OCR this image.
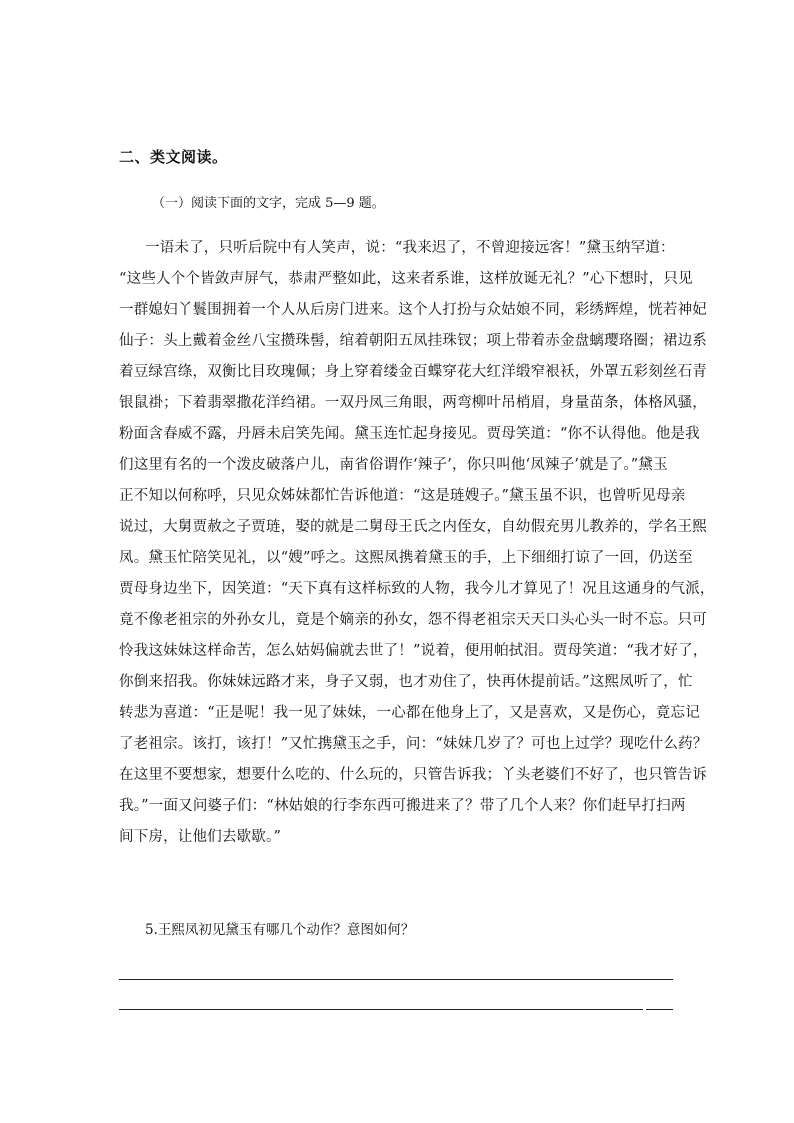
二、类文阅读。
（一）阅读下面的文字，完成 5—9 题。
一语未了，只听后院中有人笑声，说：“我来迟了，不曾迎接远客！”黛玉纳罕道：
“这些人个个皆敛声屏气，恭肃严整如此，这来者系谁，这样放诞无礼？”心下想时，只见
一群媳妇丫鬟围拥着一个人从后房门进来。这个人打扮与众姑娘不同，彩绣辉煌，恍若神妃
仙子：头上戴着金丝八宝攒珠髻，绾着朝阳五凤挂珠钗；项上带着赤金盘螭璎珞圈；裙边系
着豆绿宫绦，双衡比目玫瑰佩；身上穿着缕金百蝶穿花大红洋缎窄裉袄，外罩五彩刻丝石青
银鼠褂；下着翡翠撒花洋绉裙。一双丹凤三角眼，两弯柳叶吊梢眉，身量苗条，体格风骚，
粉面含春威不露，丹唇未启笑先闻。黛玉连忙起身接见。贾母笑道：“你不认得他。他是我
们这里有名的一个泼皮破落户儿，南省俗谓作‘辣子’，你只叫他‘凤辣子’就是了。”黛玉
正不知以何称呼，只见众姊妹都忙告诉他道：“这是琏嫂子。”黛玉虽不识，也曾听见母亲
说过，大舅贾赦之子贾琏，娶的就是二舅母王氏之内侄女，自幼假充男儿教养的，学名王熙
凤。黛玉忙陪笑见礼，以“嫂”呼之。这熙凤携着黛玉的手，上下细细打谅了一回，仍送至
贾母身边坐下，因笑道：“天下真有这样标致的人物，我今儿才算见了！况且这通身的气派，
竟不像老祖宗的外孙女儿，竟是个嫡亲的孙女，怨不得老祖宗天天口头心头一时不忘。只可
怜我这妹妹这样命苦，怎么姑妈偏就去世了！”说着，便用帕拭泪。贾母笑道：“我才好了，
你倒来招我。你妹妹远路才来，身子又弱，也才劝住了，快再休提前话。”这熙凤听了，忙
转悲为喜道：“正是呢！我一见了妹妹，一心都在他身上了，又是喜欢，又是伤心，竟忘记
了老祖宗。该打，该打！”又忙携黛玉之手，问：“妹妹几岁了？可也上过学？现吃什么药？
在这里不要想家，想要什么吃的、什么玩的，只管告诉我；丫头老婆们不好了，也只管告诉
我。”一面又问婆子们：“林姑娘的行李东西可搬进来了？带了几个人来？你们赶早打扫两
间下房，让他们去歇歇。”
5.王熙凤初见黛玉有哪几个动作？意图如何？
